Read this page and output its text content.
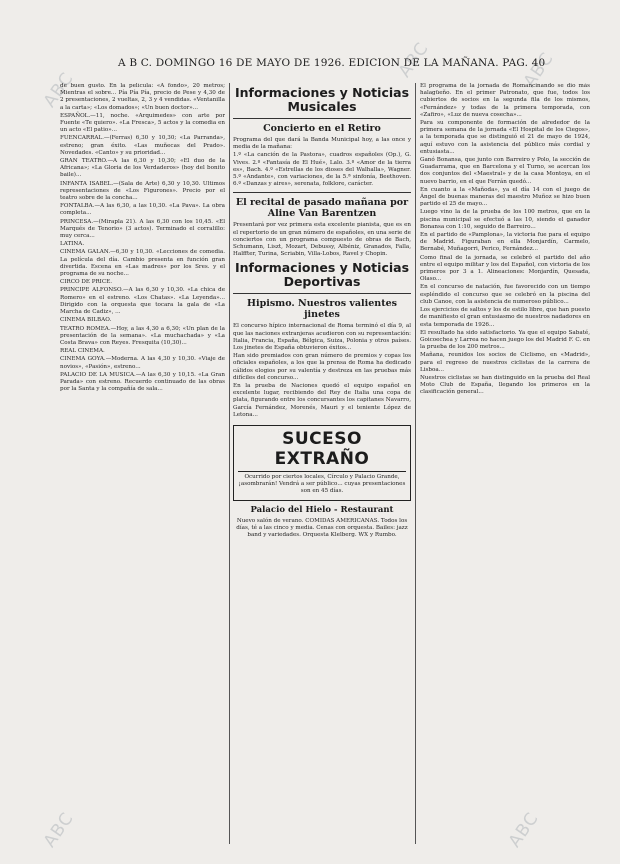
ABC
ABC	ABC
ABC	ABC
A B C. DOMINGO 16 DE MAYO DE 1926. EDICION DE LA MAÑANA. PAG. 40

de buen gusto. En la película: «A fondo», 20 metros; Mientras el sobre... Pía Pía Pía, precio de Pese y 4,30 de 2 presentaciones, 2 vueltas, 2, 3 y 4 vendidas. «Ventanilla a la carta»; «Los domados»; «Un buen doctor»...

ESPAÑOL.—11, noche. «Arquimedes» con arte por Fuente «Te quiero». «La Fresca», 5 actos y la comedia en un acto «El patio»...

FUENCARRAL.—(Ferras) 6,30 y 10,30; «La Parranda», estreno; gran éxito. «Las muñecas del Prado». Novedades. «Canto» y su prioridad...

GRAN TEATRO.—A las 6,30 y 10,30; «El duo de la Africana»; «La Gloria de los Verdaderos» (hoy del bonito baile)...

INFANTA ISABEL.—(Sala de Arte) 6,30 y 10,30. Ultimos representaciones de «Los Figurones». Precio por el teatro sobre de la concha...

FONTALBA.—A las 6,30, a las 10,30. «La Pava». La obra completa...

PRINCESA.—(Mirapla 21). A las 6,30 con los 10,45. «El Marqués de Tenorio» (3 actos). Terminado el corralillo: muy cerca...

LATINA.

CINEMA GALAN.—6,30 y 10,30. «Lecciones de comedia. La película del día. Cambio presenta en función gran divertida. Escena en «Las madres» por los Sres. y el programa de su noche...

CIRCO DE PRICE.

PRINCIPE ALFONSO.—A las 6,30 y 10,30. «La chica de Romero» en el estreno. «Los Chatas». «La Leyenda»... Dirigido con la orquesta que tocara la gala de «La Marcha de Cadiz», ...

CINEMA BILBAO.

TEATRO ROMEA.—Hoy, a las 4,30 a 6,30; «Un plan de la presentación de la semana». «La muchachada» y «La Costa Brava» con Reyes. Fresquita (10,30)...

REAL CINEMA.

CINEMA GOYA.—Moderna. A las 4,30 y 10,30. «Viaje de novios», «Pasión», estreno...

PALACIO DE LA MUSICA.—A las 6,30 y 10,15. «La Gran Parada» con estreno. Recuerdo continuado de las obras por la Santa y la compañía de sala...

Informaciones y Noticias Musicales
Concierto en el Retiro

Programa del que dará la Banda Municipal hoy, a las once y media de la mañana:

1.º «La canción de la Pastora», cuadros españoles (Op.), G. Vives. 2.º «Fantasía de El Hué», Lalo. 3.º «Amor de la tierra es», Bach. 4.º «Estrellas de los dioses del Walhalla», Wagner. 5.º «Andante», con variaciones, de la 5.ª sinfonía, Beethoven. 6.º «Danzas y aires», serenata, folklore, carácter.

El recital de pasado mañana por Aline Van Barentzen

Presentará por vez primera esta excelente pianista, que es en el repertorio de un gran número de españoles, en una serie de conciertos con un programa compuesto de obras de Bach, Schumann, Liszt, Mozart, Debussy, Albéniz, Granados, Falla, Halffter, Turina, Scriabin, Villa-Lobos, Ravel y Chopin.

Informaciones y Noticias Deportivas
Hipismo. Nuestros valientes jinetes

El concurso hípico internacional de Roma terminó el día 9, al que las naciones extranjeras acudieron con su representación: Italia, Francia, España, Bélgica, Suiza, Polonia y otros países. Los jinetes de España obtuvieron éxitos...

Han sido premiados con gran número de premios y copas los oficiales españoles, a los que la prensa de Roma ha dedicado cálidos elogios por su valentía y destreza en las pruebas más difíciles del concurso...

En la prueba de Naciones quedó el equipo español en excelente lugar, recibiendo del Rey de Italia una copa de plata, figurando entre los concursantes los capitanes Navarro, García Fernández, Morenés, Mauri y el teniente López de Letona...

SUCESO EXTRAÑO

Ocurrido por ciertos locales, Círculo y Palacio Grande, ¡asombrarán! Vendrá a ser público... cuyas presentaciones son en 45 días.

Palacio del Hielo - Restaurant

Nuevo salón de verano. COMIDAS AMERICANAS. Todos los días, té a las cinco y media. Cenas con orquesta. Bailes: jazz band y variedades. Orquesta Klelberg. WX y Rumbo.

El programa de la jornada de Romancinando se dio más halagüeño. En el primer Patronato, que fue, todos los cubiertos de socios en la segunda fila de los mismos, «Fernández» y todas de la primera temporada, con «Zafiro», «Luz de nueva cosecha»...

Para su componente de formación de alrededor de la primera semana de la jornada «El Hospital de los Ciegos», a la temporada que se distinguió el 21 de mayo de 1924, aquí estuvo con la asistencia del público más cordial y entusiasta...

Ganó Bonansa, que junto con Barreiro y Polo, la sección de Guadarrama, que en Barcelona y el Turno, se acercan los dos conjuntos del «Maestral» y de la casa Montoya, en el nuevo barrio, en el que Ferrán quedó...

En cuanto a la «Mañoda», ya el día 14 con el juego de Ángel de buenas maneras del maestro Muñoz se hizo buen partido el 25 de mayo...

Luego vino la de la prueba de los 100 metros, que en la piscina municipal se efectuó a las 10, siendo el ganador Bonansa con 1:10, seguido de Barreiro...

En el partido de «Pamplona», la victoria fue para el equipo de Madrid. Figuraban en ella Monjardín, Carmelo, Bernabé, Muñagorri, Perico, Fernández...

Como final de la jornada, se celebró el partido del año entre el equipo militar y los del Español, con victoria de los primeros por 3 a 1. Alineaciones: Monjardín, Quesada, Olaso...

En el concurso de natación, fue favorecido con un tiempo espléndido el concurso que se celebró en la piscina del club Canoe, con la asistencia de numeroso público...

Los ejercicios de saltos y los de estilo libre, que han puesto de manifiesto el gran entusiasmo de nuestros nadadores en esta temporada de 1926...

El resultado ha sido satisfactorio. Ya que el equipo Sabaté, Goicoechea y Larrea no hacen juego los del Madrid F. C. en la prueba de los 200 metros...

Mañana, reunidos los socios de Ciclismo, en «Madrid», para el regreso de nuestros ciclistas de la carrera de Lisboa...

Nuestros ciclistas se han distinguido en la prueba del Real Moto Club de España, llegando los primeros en la clasificación general...
